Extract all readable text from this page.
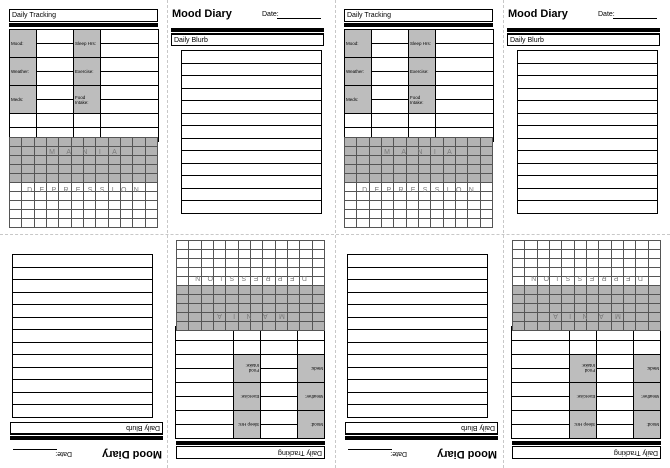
Daily Tracking
Mood:		Sleep Hrs:	

Weather:		Exercise:	

Meds:		Food Intake:	

M A N I A
D E P R E S S I O N
Mood Diary	Date:
Daily Blurb
Daily Tracking
Mood:		Sleep Hrs:	

Weather:		Exercise:	

Meds:		Food Intake:	

M A N I A
D E P R E S S I O N
Mood Diary	Date:
Daily Blurb
Mood Diary
Date:
Daily Blurb
Daily Tracking
Mood:		Sleep Hrs:	

Weather:		Exercise:	

Meds:		Food Intake:	

M
A
N
I
A
D
E
P
R
E
S
S
I
O
N
Mood Diary
Date:
Daily Blurb
Daily Tracking
Mood:		Sleep Hrs:	

Weather:		Exercise:	

Meds:		Food Intake:	

M
A
N
I
A
D
E
P
R
E
S
S
I
O
N
